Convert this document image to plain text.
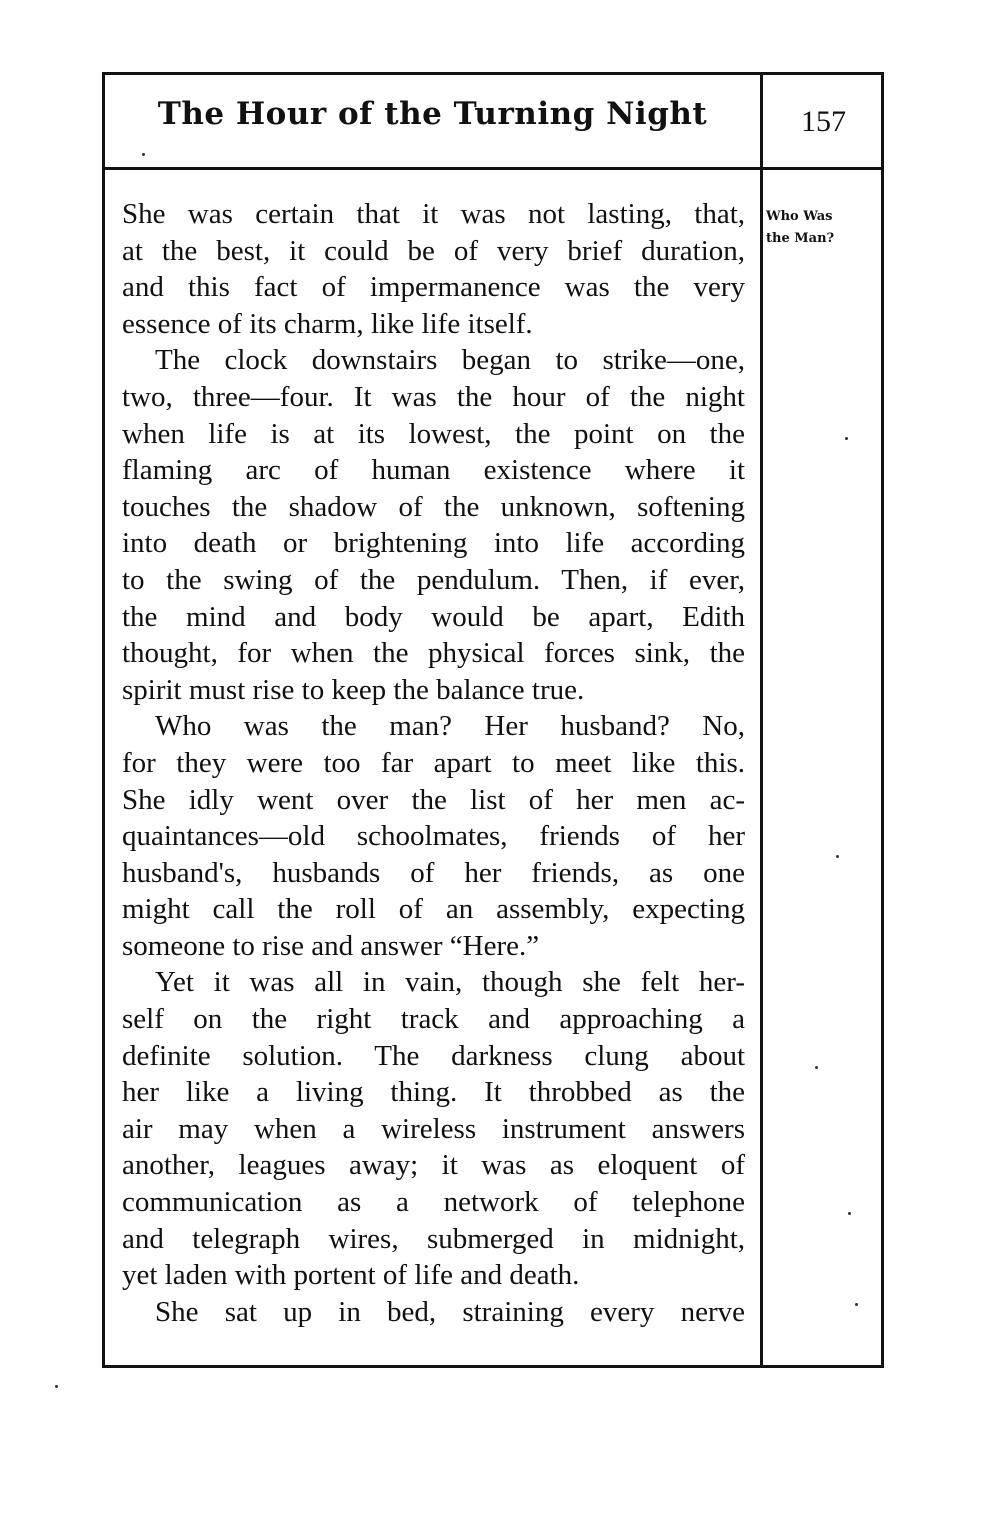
The Hour of the Turning Night	157
Who Was
the Man?
She was certain that it was not lasting, that,
at the best, it could be of very brief duration,
and this fact of impermanence was the very
essence of its charm, like life itself.
The clock downstairs began to strike—one,
two, three—four. It was the hour of the night
when life is at its lowest, the point on the
flaming arc of human existence where it
touches the shadow of the unknown, softening
into death or brightening into life according
to the swing of the pendulum. Then, if ever,
the mind and body would be apart, Edith
thought, for when the physical forces sink, the
spirit must rise to keep the balance true.
Who was the man? Her husband? No,
for they were too far apart to meet like this.
She idly went over the list of her men ac-
quaintances—old schoolmates, friends of her
husband's, husbands of her friends, as one
might call the roll of an assembly, expecting
someone to rise and answer “Here.”
Yet it was all in vain, though she felt her-
self on the right track and approaching a
definite solution. The darkness clung about
her like a living thing. It throbbed as the
air may when a wireless instrument answers
another, leagues away; it was as eloquent of
communication as a network of telephone
and telegraph wires, submerged in midnight,
yet laden with portent of life and death.
She sat up in bed, straining every nerve
